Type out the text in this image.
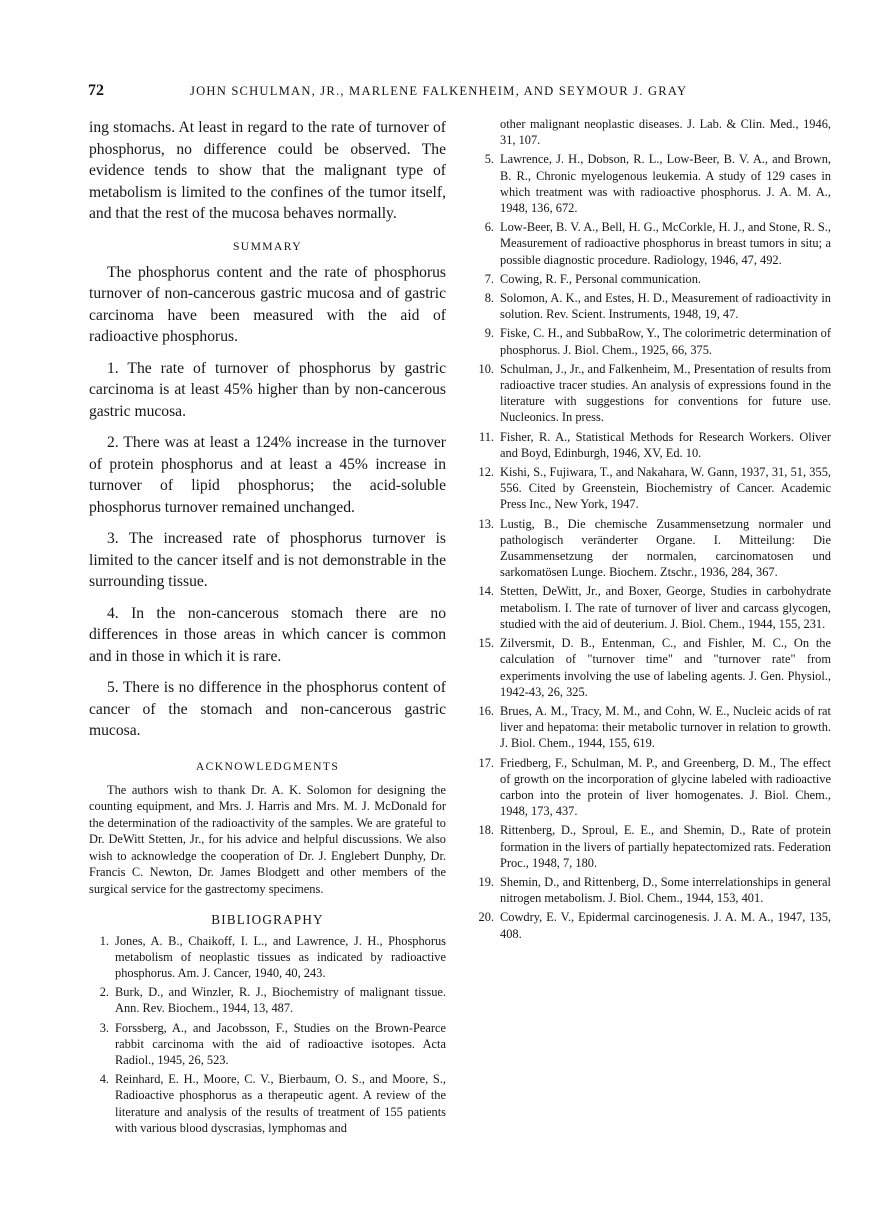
72	JOHN SCHULMAN, JR., MARLENE FALKENHEIM, AND SEYMOUR J. GRAY

ing stomachs. At least in regard to the rate of turnover of phosphorus, no difference could be observed. The evidence tends to show that the malignant type of metabolism is limited to the confines of the tumor itself, and that the rest of the mucosa behaves normally.

SUMMARY

The phosphorus content and the rate of phosphorus turnover of non-cancerous gastric mucosa and of gastric carcinoma have been measured with the aid of radioactive phosphorus.

1. The rate of turnover of phosphorus by gastric carcinoma is at least 45% higher than by non-cancerous gastric mucosa.

2. There was at least a 124% increase in the turnover of protein phosphorus and at least a 45% increase in turnover of lipid phosphorus; the acid-soluble phosphorus turnover remained unchanged.

3. The increased rate of phosphorus turnover is limited to the cancer itself and is not demonstrable in the surrounding tissue.

4. In the non-cancerous stomach there are no differences in those areas in which cancer is common and in those in which it is rare.

5. There is no difference in the phosphorus content of cancer of the stomach and non-cancerous gastric mucosa.

ACKNOWLEDGMENTS

The authors wish to thank Dr. A. K. Solomon for designing the counting equipment, and Mrs. J. Harris and Mrs. M. J. McDonald for the determination of the radioactivity of the samples. We are grateful to Dr. DeWitt Stetten, Jr., for his advice and helpful discussions. We also wish to acknowledge the cooperation of Dr. J. Englebert Dunphy, Dr. Francis C. Newton, Dr. James Blodgett and other members of the surgical service for the gastrectomy specimens.

BIBLIOGRAPHY
1. Jones, A. B., Chaikoff, I. L., and Lawrence, J. H., Phosphorus metabolism of neoplastic tissues as indicated by radioactive phosphorus. Am. J. Cancer, 1940, 40, 243.
2. Burk, D., and Winzler, R. J., Biochemistry of malignant tissue. Ann. Rev. Biochem., 1944, 13, 487.
3. Forssberg, A., and Jacobsson, F., Studies on the Brown-Pearce rabbit carcinoma with the aid of radioactive isotopes. Acta Radiol., 1945, 26, 523.
4. Reinhard, E. H., Moore, C. V., Bierbaum, O. S., and Moore, S., Radioactive phosphorus as a therapeutic agent. A review of the literature and analysis of the results of treatment of 155 patients with various blood dyscrasias, lymphomas and

other malignant neoplastic diseases. J. Lab. & Clin. Med., 1946, 31, 107.

5. Lawrence, J. H., Dobson, R. L., Low-Beer, B. V. A., and Brown, B. R., Chronic myelogenous leukemia. A study of 129 cases in which treatment was with radioactive phosphorus. J. A. M. A., 1948, 136, 672.
6. Low-Beer, B. V. A., Bell, H. G., McCorkle, H. J., and Stone, R. S., Measurement of radioactive phosphorus in breast tumors in situ; a possible diagnostic procedure. Radiology, 1946, 47, 492.
7. Cowing, R. F., Personal communication.
8. Solomon, A. K., and Estes, H. D., Measurement of radioactivity in solution. Rev. Scient. Instruments, 1948, 19, 47.
9. Fiske, C. H., and SubbaRow, Y., The colorimetric determination of phosphorus. J. Biol. Chem., 1925, 66, 375.
10. Schulman, J., Jr., and Falkenheim, M., Presentation of results from radioactive tracer studies. An analysis of expressions found in the literature with suggestions for conventions for future use. Nucleonics. In press.
11. Fisher, R. A., Statistical Methods for Research Workers. Oliver and Boyd, Edinburgh, 1946, XV, Ed. 10.
12. Kishi, S., Fujiwara, T., and Nakahara, W. Gann, 1937, 31, 51, 355, 556. Cited by Greenstein, Biochemistry of Cancer. Academic Press Inc., New York, 1947.
13. Lustig, B., Die chemische Zusammensetzung normaler und pathologisch veränderter Organe. I. Mitteilung: Die Zusammensetzung der normalen, carcinomatosen und sarkomatösen Lunge. Biochem. Ztschr., 1936, 284, 367.
14. Stetten, DeWitt, Jr., and Boxer, George, Studies in carbohydrate metabolism. I. The rate of turnover of liver and carcass glycogen, studied with the aid of deuterium. J. Biol. Chem., 1944, 155, 231.
15. Zilversmit, D. B., Entenman, C., and Fishler, M. C., On the calculation of "turnover time" and "turnover rate" from experiments involving the use of labeling agents. J. Gen. Physiol., 1942-43, 26, 325.
16. Brues, A. M., Tracy, M. M., and Cohn, W. E., Nucleic acids of rat liver and hepatoma: their metabolic turnover in relation to growth. J. Biol. Chem., 1944, 155, 619.
17. Friedberg, F., Schulman, M. P., and Greenberg, D. M., The effect of growth on the incorporation of glycine labeled with radioactive carbon into the protein of liver homogenates. J. Biol. Chem., 1948, 173, 437.
18. Rittenberg, D., Sproul, E. E., and Shemin, D., Rate of protein formation in the livers of partially hepatectomized rats. Federation Proc., 1948, 7, 180.
19. Shemin, D., and Rittenberg, D., Some interrelationships in general nitrogen metabolism. J. Biol. Chem., 1944, 153, 401.
20. Cowdry, E. V., Epidermal carcinogenesis. J. A. M. A., 1947, 135, 408.
